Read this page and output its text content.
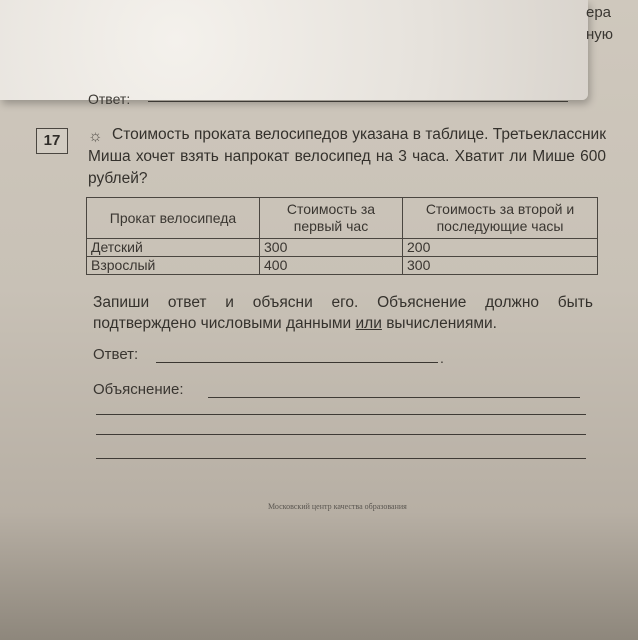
ера
ную
Ответ:
17	☼ Стоимость проката велосипедов указана в таблице. Третьеклассник Миша хочет взять напрокат велосипед на 3 часа. Хватит ли Мише 600 рублей?
Прокат велосипеда	Стоимость за первый час	Стоимость за второй и последующие часы
Детский	300	200
Взрослый	400	300
Запиши ответ и объясни его. Объяснение должно быть подтверждено числовыми данными или вычислениями.
Ответ:	.
Объяснение:
Московский центр качества образования
